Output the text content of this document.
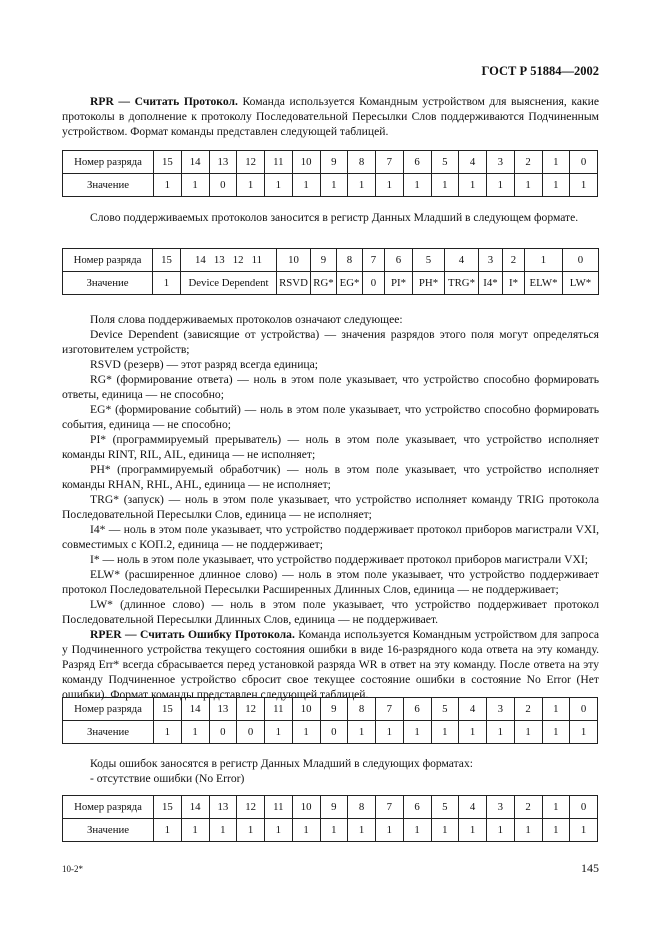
ГОСТ Р 51884—2002

RPR — Считать Протокол. Команда используется Командным устройством для выяснения, какие протоколы в дополнение к протоколу Последовательной Пересылки Слов поддерживаются Подчиненным устройством. Формат команды представлен следующей таблицей.

Номер разряда	15	14	13	12	11	10	9	8	7	6	5	4	3	2	1	0
Значение	1	1	0	1	1	1	1	1	1	1	1	1	1	1	1	1

Слово поддерживаемых протоколов заносится в регистр Данных Младший в следующем формате.

Номер разряда	15	14   13   12   11	10	9	8	7	6	5	4	3	2	1	0
Значение	1	Device Dependent	RSVD	RG*	EG*	0	PI*	PH*	TRG*	I4*	I*	ELW*	LW*
Поля слова поддерживаемых протоколов означают следующее:
Device Dependent (зависящие от устройства) — значения разрядов этого поля могут определяться изготовителем устройств;
RSVD (резерв) — этот разряд всегда единица;
RG* (формирование ответа) — ноль в этом поле указывает, что устройство способно формировать ответы, единица — не способно;
EG* (формирование событий) — ноль в этом поле указывает, что устройство способно формировать события, единица — не способно;
PI* (программируемый прерыватель) — ноль в этом поле указывает, что устройство исполняет команды RINT, RIL, AIL, единица — не исполняет;
PH* (программируемый обработчик) — ноль в этом поле указывает, что устройство исполняет команды RHAN, RHL, AHL, единица — не исполняет;
TRG* (запуск) — ноль в этом поле указывает, что устройство исполняет команду TRIG протокола Последовательной Пересылки Слов, единица — не исполняет;
I4* — ноль в этом поле указывает, что устройство поддерживает протокол приборов магистрали VXI, совместимых с КОП.2, единица — не поддерживает;
I* — ноль в этом поле указывает, что устройство поддерживает протокол приборов магистрали VXI;
ELW* (расширенное длинное слово) — ноль в этом поле указывает, что устройство поддерживает протокол Последовательной Пересылки Расширенных Длинных Слов, единица — не поддерживает;
LW* (длинное слово) — ноль в этом поле указывает, что устройство поддерживает протокол Последовательной Пересылки Длинных Слов, единица — не поддерживает.
RPER — Считать Ошибку Протокола. Команда используется Командным устройством для запроса у Подчиненного устройства текущего состояния ошибки в виде 16-разрядного кода ответа на эту команду. Разряд Err* всегда сбрасывается перед установкой разряда WR в ответ на эту команду. После ответа на эту команду Подчиненное устройство сбросит свое текущее состояние ошибки в состояние No Error (Нет ошибки). Формат команды представлен следующей таблицей.
Номер разряда	15	14	13	12	11	10	9	8	7	6	5	4	3	2	1	0
Значение	1	1	0	0	1	1	0	1	1	1	1	1	1	1	1	1
Коды ошибок заносятся в регистр Данных Младший в следующих форматах:
- отсутствие ошибки (No Error)
Номер разряда	15	14	13	12	11	10	9	8	7	6	5	4	3	2	1	0
Значение	1	1	1	1	1	1	1	1	1	1	1	1	1	1	1	1
10-2*	145
